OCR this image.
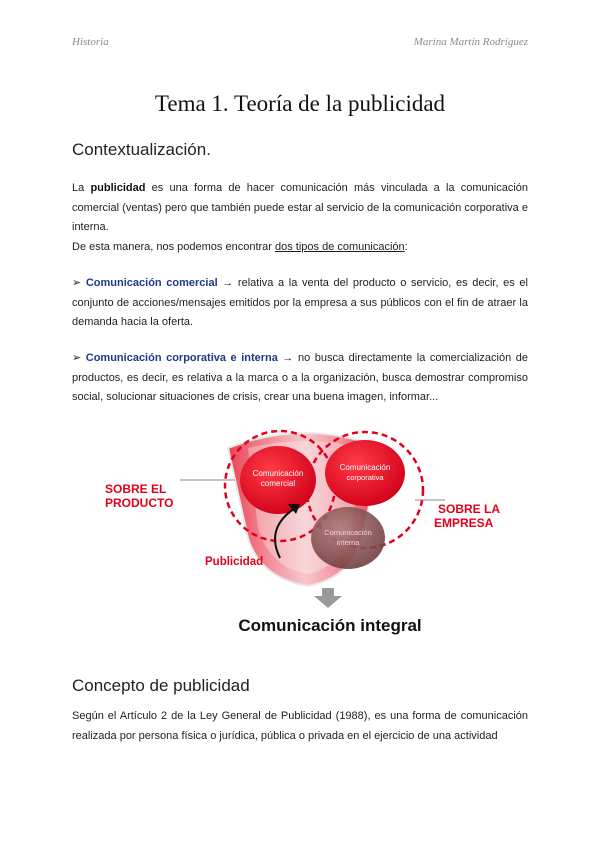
Historia	Marina Martín Rodríguez
Tema 1. Teoría de la publicidad
Contextualización.
La publicidad es una forma de hacer comunicación más vinculada a la comunicación comercial (ventas) pero que también puede estar al servicio de la comunicación corporativa e interna.
De esta manera, nos podemos encontrar dos tipos de comunicación:
➢ Comunicación comercial → relativa a la venta del producto o servicio, es decir, es el conjunto de acciones/mensajes emitidos por la empresa a sus públicos con el fin de atraer la demanda hacia la oferta.
➢ Comunicación corporativa e interna → no busca directamente la comercialización de productos, es decir, es relativa a la marca o a la organización, busca demostrar compromiso social, solucionar situaciones de crisis, crear una buena imagen, informar...
Comunicación
comercial
Comunicación
corporativa
Comunicación
interna
SOBRE EL
PRODUCTO	SOBRE LA
EMPRESA
Publicidad
Comunicación integral
Concepto de publicidad
Según el Artículo 2 de la Ley General de Publicidad (1988), es una forma de comunicación realizada por persona física o jurídica, pública o privada en el ejercicio de una actividad
